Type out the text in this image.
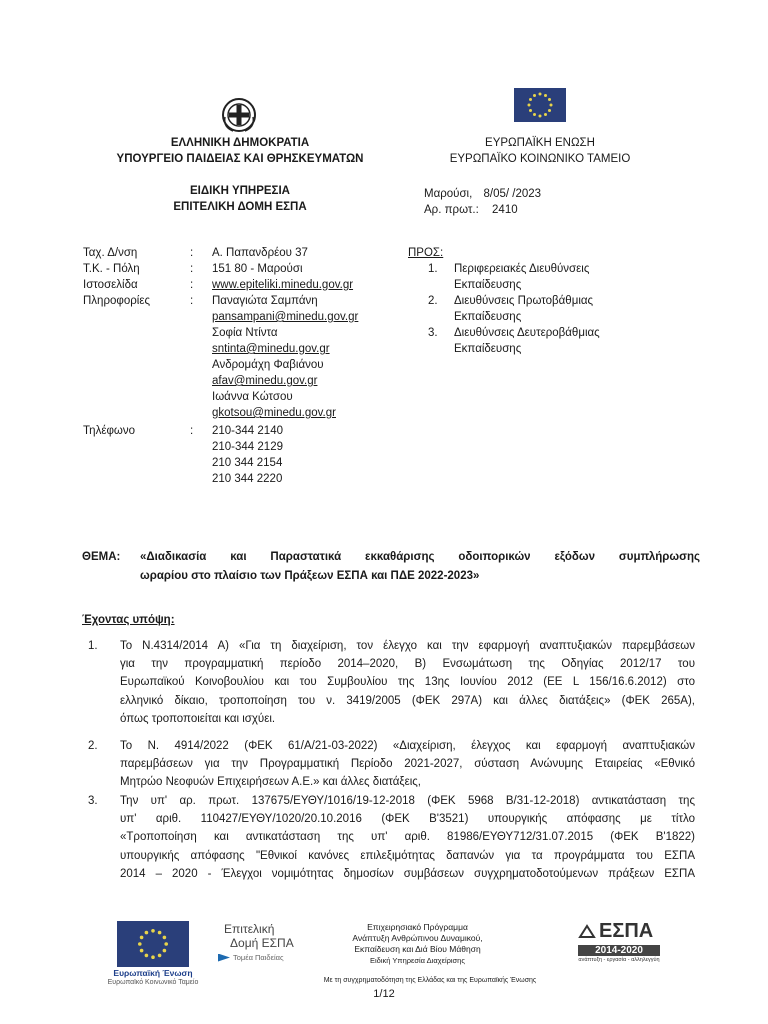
ΕΛΛΗΝΙΚΗ ΔΗΜΟΚΡΑΤΙΑ
ΥΠΟΥΡΓΕΙΟ ΠΑΙΔΕΙΑΣ ΚΑΙ ΘΡΗΣΚΕΥΜΑΤΩΝ
ΕΙΔΙΚΗ ΥΠΗΡΕΣΙΑ
ΕΠΙΤΕΛΙΚΗ ΔΟΜΗ ΕΣΠΑ
ΕΥΡΩΠΑΪΚΗ ΕΝΩΣΗ
ΕΥΡΩΠΑΪΚΟ ΚΟΙΝΩΝΙΚΟ ΤΑΜΕΙΟ
Μαρούσι, 8/05/ /2023
Αρ. πρωτ.: 2410
Ταχ. Δ/νση	: Α. Παπανδρέου 37
Τ.Κ. - Πόλη	: 151 80 - Μαρούσι
Ιστοσελίδα	: www.epiteliki.minedu.gov.gr
Πληροφορίες	: Παναγιώτα Σαμπάνη
pansampani@minedu.gov.gr
Σοφία Ντίντα
sntinta@minedu.gov.gr
Ανδρομάχη Φαβιάνου
afav@minedu.gov.gr
Ιωάννα Κώτσου
gkotsou@minedu.gov.gr
Τηλέφωνο	: 210-344 2140
210-344 2129
210 344 2154
210 344 2220
ΠΡΟΣ:
1. Περιφερειακές Διευθύνσεις
Εκπαίδευσης
2. Διευθύνσεις Πρωτοβάθμιας
Εκπαίδευσης
3. Διευθύνσεις Δευτεροβάθμιας
Εκπαίδευσης
ΘΕΜΑ: «Διαδικασία και Παραστατικά εκκαθάρισης οδοιπορικών εξόδων συμπλήρωσης
ωραρίου στο πλαίσιο των Πράξεων ΕΣΠΑ και ΠΔΕ 2022-2023»
Έχοντας υπόψη:
1.	Το Ν.4314/2014 Α) «Για τη διαχείριση, τον έλεγχο και την εφαρμογή αναπτυξιακών παρεμβάσεων
για την προγραμματική περίοδο 2014–2020, Β) Ενσωμάτωση της Οδηγίας 2012/17 του
Ευρωπαϊκού Κοινοβουλίου και του Συμβουλίου της 13ης Ιουνίου 2012 (ΕΕ L 156/16.6.2012) στο
ελληνικό δίκαιο, τροποποίηση του ν. 3419/2005 (ΦΕΚ 297Α) και άλλες διατάξεις» (ΦΕΚ 265Α),
όπως τροποποιείται και ισχύει.
2.	Το Ν. 4914/2022 (ΦΕΚ 61/Α/21-03-2022) «Διαχείριση, έλεγχος και εφαρμογή αναπτυξιακών
παρεμβάσεων για την Προγραμματική Περίοδο 2021-2027, σύσταση Ανώνυμης Εταιρείας «Εθνικό
Μητρώο Νεοφυών Επιχειρήσεων Α.Ε.» και άλλες διατάξεις,
3.	Την υπ' αρ. πρωτ. 137675/ΕΥΘΥ/1016/19-12-2018 (ΦΕΚ 5968 Β/31-12-2018) αντικατάσταση της
υπ' αριθ. 110427/ΕΥΘΥ/1020/20.10.2016 (ΦΕΚ Β'3521) υπουργικής απόφασης με τίτλο
«Τροποποίηση και αντικατάσταση της υπ' αριθ. 81986/ΕΥΘΥ712/31.07.2015 (ΦΕΚ Β'1822)
υπουργικής απόφασης "Εθνικοί κανόνες επιλεξιμότητας δαπανών για τα προγράμματα του ΕΣΠΑ
2014 – 2020 - Έλεγχοι νομιμότητας δημοσίων συμβάσεων συγχρηματοδοτούμενων πράξεων ΕΣΠΑ
Ευρωπαϊκή Ένωση
Ευρωπαϊκό Κοινωνικό Ταμείο
Επιτελική
Δομή ΕΣΠΑ
Τομέα Παιδείας
Επιχειρησιακό Πρόγραμμα
Ανάπτυξη Ανθρώπινου Δυναμικού,
Εκπαίδευση και Διά Βίου Μάθηση
Ειδική Υπηρεσία Διαχείρισης
Με τη συγχρηματοδότηση της Ελλάδας και της Ευρωπαϊκής Ένωσης
ΕΣΠΑ
2014-2020
ανάπτυξη - εργασία - αλληλεγγύη
1/12
